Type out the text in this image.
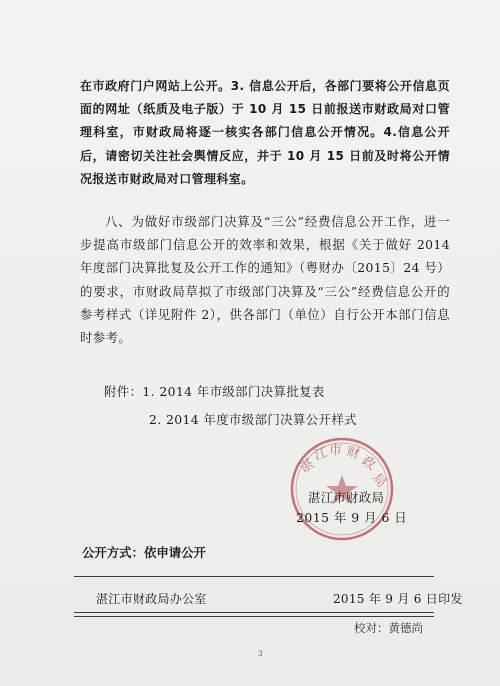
在市政府门户网站上公开。3. 信息公开后，各部门要将公开信息页面的网址（纸质及电子版）于 10 月 15 日前报送市财政局对口管理科室，市财政局将逐一核实各部门信息公开情况。4.信息公开后，请密切关注社会舆情反应，并于 10 月 15 日前及时将公开情况报送市财政局对口管理科室。

八、为做好市级部门决算及“三公”经费信息公开工作，进一步提高市级部门信息公开的效率和效果，根据《关于做好 2014 年度部门决算批复及公开工作的通知》（粤财办〔2015〕24 号）的要求，市财政局草拟了市级部门决算及“三公”经费信息公开的参考样式（详见附件 2），供各部门（单位）自行公开本部门信息时参考。

附件：1. 2014 年市级部门决算批复表
2. 2014 年度市级部门决算公开样式
湛
江 市 财
政
局
湛江市财政局
2015 年 9 月 6 日
公开方式：依申请公开
湛江市财政局办公室	2015 年 9 月 6 日印发
校对：黄德尚
3
